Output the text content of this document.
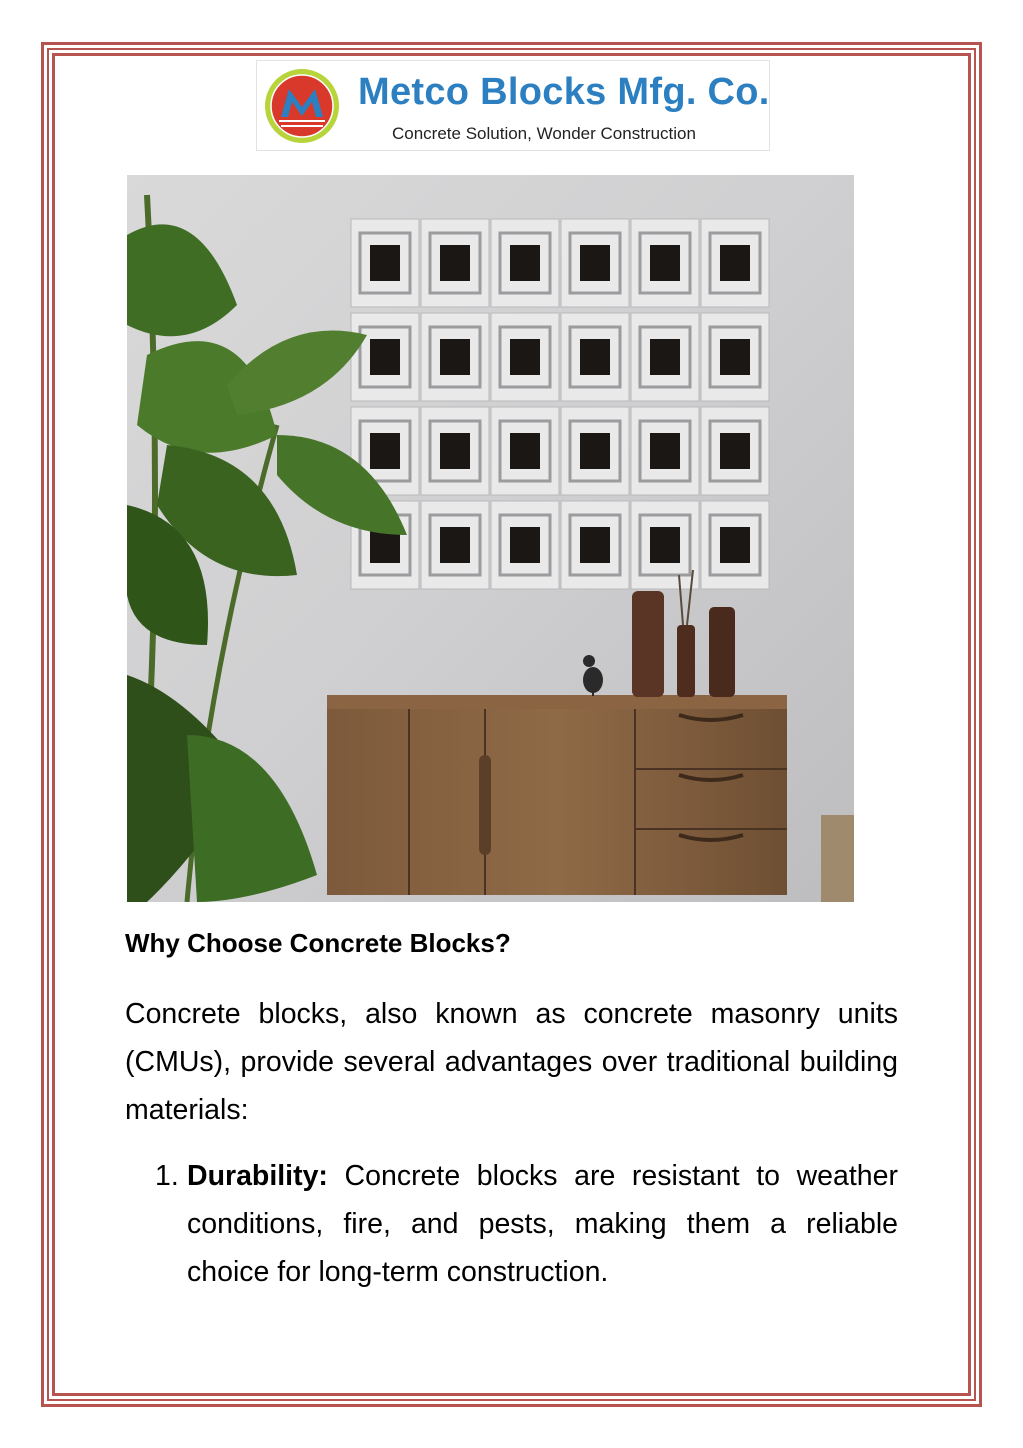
Metco Blocks Mfg. Co.
Concrete Solution, Wonder Construction
Why Choose Concrete Blocks?

Concrete blocks, also known as concrete masonry units (CMUs), provide several advantages over traditional building materials:

1. Durability: Concrete blocks are resistant to weather conditions, fire, and pests, making them a reliable choice for long-term construction.
